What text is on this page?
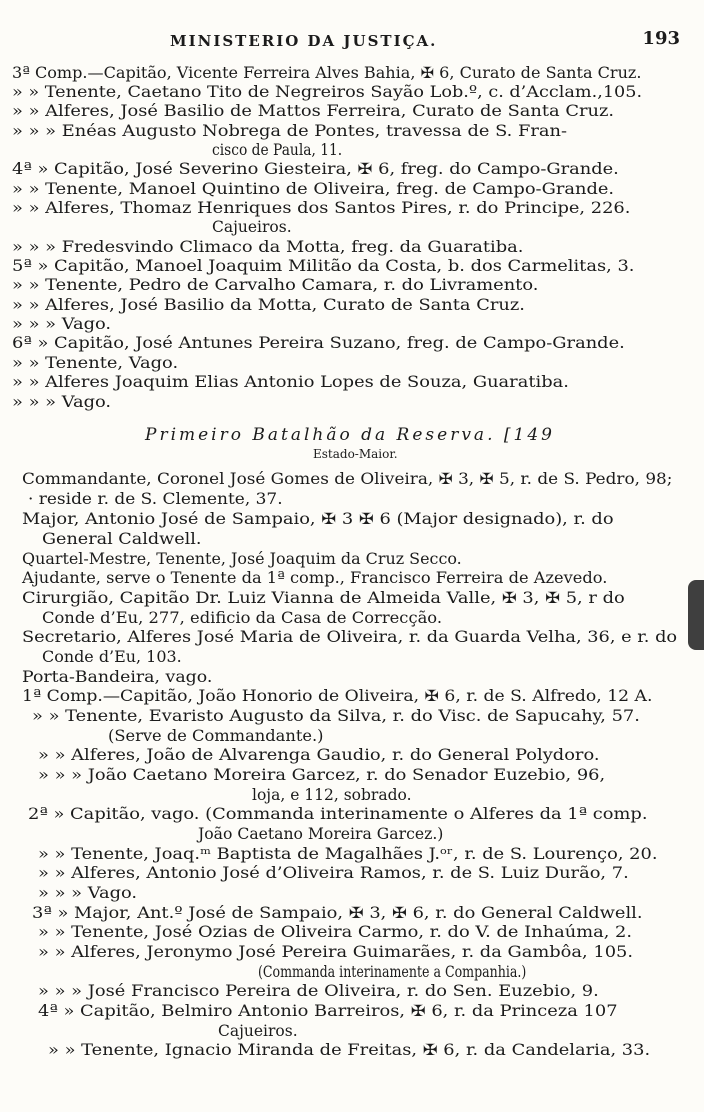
MINISTERIO DA JUSTIÇA.	193
3ª Comp.—Capitão, Vicente Ferreira Alves Bahia, ✠ 6, Curato de Santa Cruz.
» » Tenente, Caetano Tito de Negreiros Sayão Lob.º, c. d’Acclam.,105.
» » Alferes, José Basilio de Mattos Ferreira, Curato de Santa Cruz.
» » » Enéas Augusto Nobrega de Pontes, travessa de S. Fran-
cisco de Paula, 11.
4ª » Capitão, José Severino Giesteira, ✠ 6, freg. do Campo-Grande.
» » Tenente, Manoel Quintino de Oliveira, freg. de Campo-Grande.
» » Alferes, Thomaz Henriques dos Santos Pires, r. do Principe, 226.
Cajueiros.
» » » Fredesvindo Climaco da Motta, freg. da Guaratiba.
5ª » Capitão, Manoel Joaquim Militão da Costa, b. dos Carmelitas, 3.
» » Tenente, Pedro de Carvalho Camara, r. do Livramento.
» » Alferes, José Basilio da Motta, Curato de Santa Cruz.
» » » Vago.
6ª » Capitão, José Antunes Pereira Suzano, freg. de Campo-Grande.
» » Tenente, Vago.
» » Alferes Joaquim Elias Antonio Lopes de Souza, Guaratiba.
» » » Vago.
Primeiro Batalhão da Reserva. [149
Estado-Maior.
Commandante, Coronel José Gomes de Oliveira, ✠ 3, ✠ 5, r. de S. Pedro, 98;
· reside r. de S. Clemente, 37.
Major, Antonio José de Sampaio, ✠ 3 ✠ 6 (Major designado), r. do
General Caldwell.
Quartel-Mestre, Tenente, José Joaquim da Cruz Secco.
Ajudante, serve o Tenente da 1ª comp., Francisco Ferreira de Azevedo.
Cirurgião, Capitão Dr. Luiz Vianna de Almeida Valle, ✠ 3, ✠ 5, r do
Conde d’Eu, 277, edificio da Casa de Correcção.
Secretario, Alferes José Maria de Oliveira, r. da Guarda Velha, 36, e r. do
Conde d’Eu, 103.
Porta-Bandeira, vago.
1ª Comp.—Capitão, João Honorio de Oliveira, ✠ 6, r. de S. Alfredo, 12 A.
» » Tenente, Evaristo Augusto da Silva, r. do Visc. de Sapucahy, 57.
(Serve de Commandante.)
» » Alferes, João de Alvarenga Gaudio, r. do General Polydoro.
» » » João Caetano Moreira Garcez, r. do Senador Euzebio, 96,
loja, e 112, sobrado.
2ª » Capitão, vago. (Commanda interinamente o Alferes da 1ª comp.
João Caetano Moreira Garcez.)
» » Tenente, Joaq.ᵐ Baptista de Magalhães J.ᵒʳ, r. de S. Lourenço, 20.
» » Alferes, Antonio José d’Oliveira Ramos, r. de S. Luiz Durão, 7.
» » » Vago.
3ª » Major, Ant.º José de Sampaio, ✠ 3, ✠ 6, r. do General Caldwell.
» » Tenente, José Ozias de Oliveira Carmo, r. do V. de Inhaúma, 2.
» » Alferes, Jeronymo José Pereira Guimarães, r. da Gambôa, 105.
(Commanda interinamente a Companhia.)
» » » José Francisco Pereira de Oliveira, r. do Sen. Euzebio, 9.
4ª » Capitão, Belmiro Antonio Barreiros, ✠ 6, r. da Princeza 107
Cajueiros.
» » Tenente, Ignacio Miranda de Freitas, ✠ 6, r. da Candelaria, 33.
